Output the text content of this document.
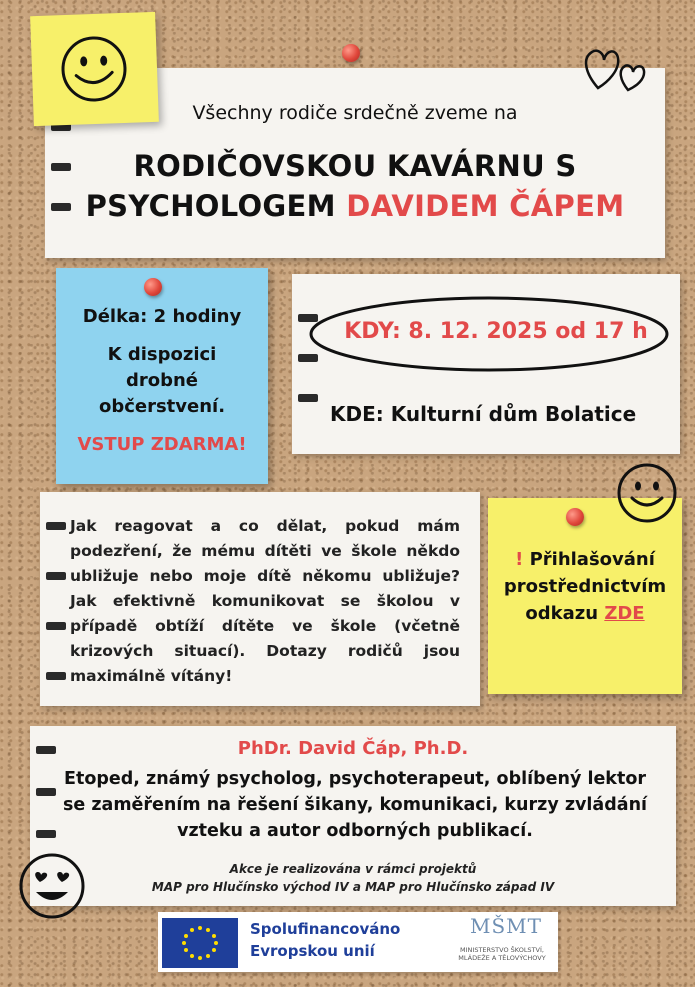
Všechny rodiče srdečně zveme na
RODIČOVSKOU KAVÁRNU S
PSYCHOLOGEM DAVIDEM ČÁPEM
Délka: 2 hodiny
K dispozici drobné občerstvení.
VSTUP ZDARMA!
KDY: 8. 12. 2025 od 17 h
KDE: Kulturní dům Bolatice
Jak reagovat a co dělat, pokud mám podezření, že mému dítěti ve škole někdo ubližuje nebo moje dítě někomu ubližuje? Jak efektivně komunikovat se školou v případě obtíží dítěte ve škole (včetně krizových situací). Dotazy rodičů jsou maximálně vítány!
! Přihlašování prostřednictvím odkazu ZDE
PhDr. David Čáp, Ph.D.
Etoped, známý psycholog, psychoterapeut, oblíbený lektor se zaměřením na řešení šikany, komunikaci, kurzy zvládání vzteku a autor odborných publikací.
Akce je realizována v rámci projektů
MAP pro Hlučínsko východ IV a MAP pro Hlučínsko západ IV
Spolufinancováno
Evropskou unií
MŠMT
MINISTERSTVO ŠKOLSTVÍ, MLÁDEŽE A TĚLOVÝCHOVY
